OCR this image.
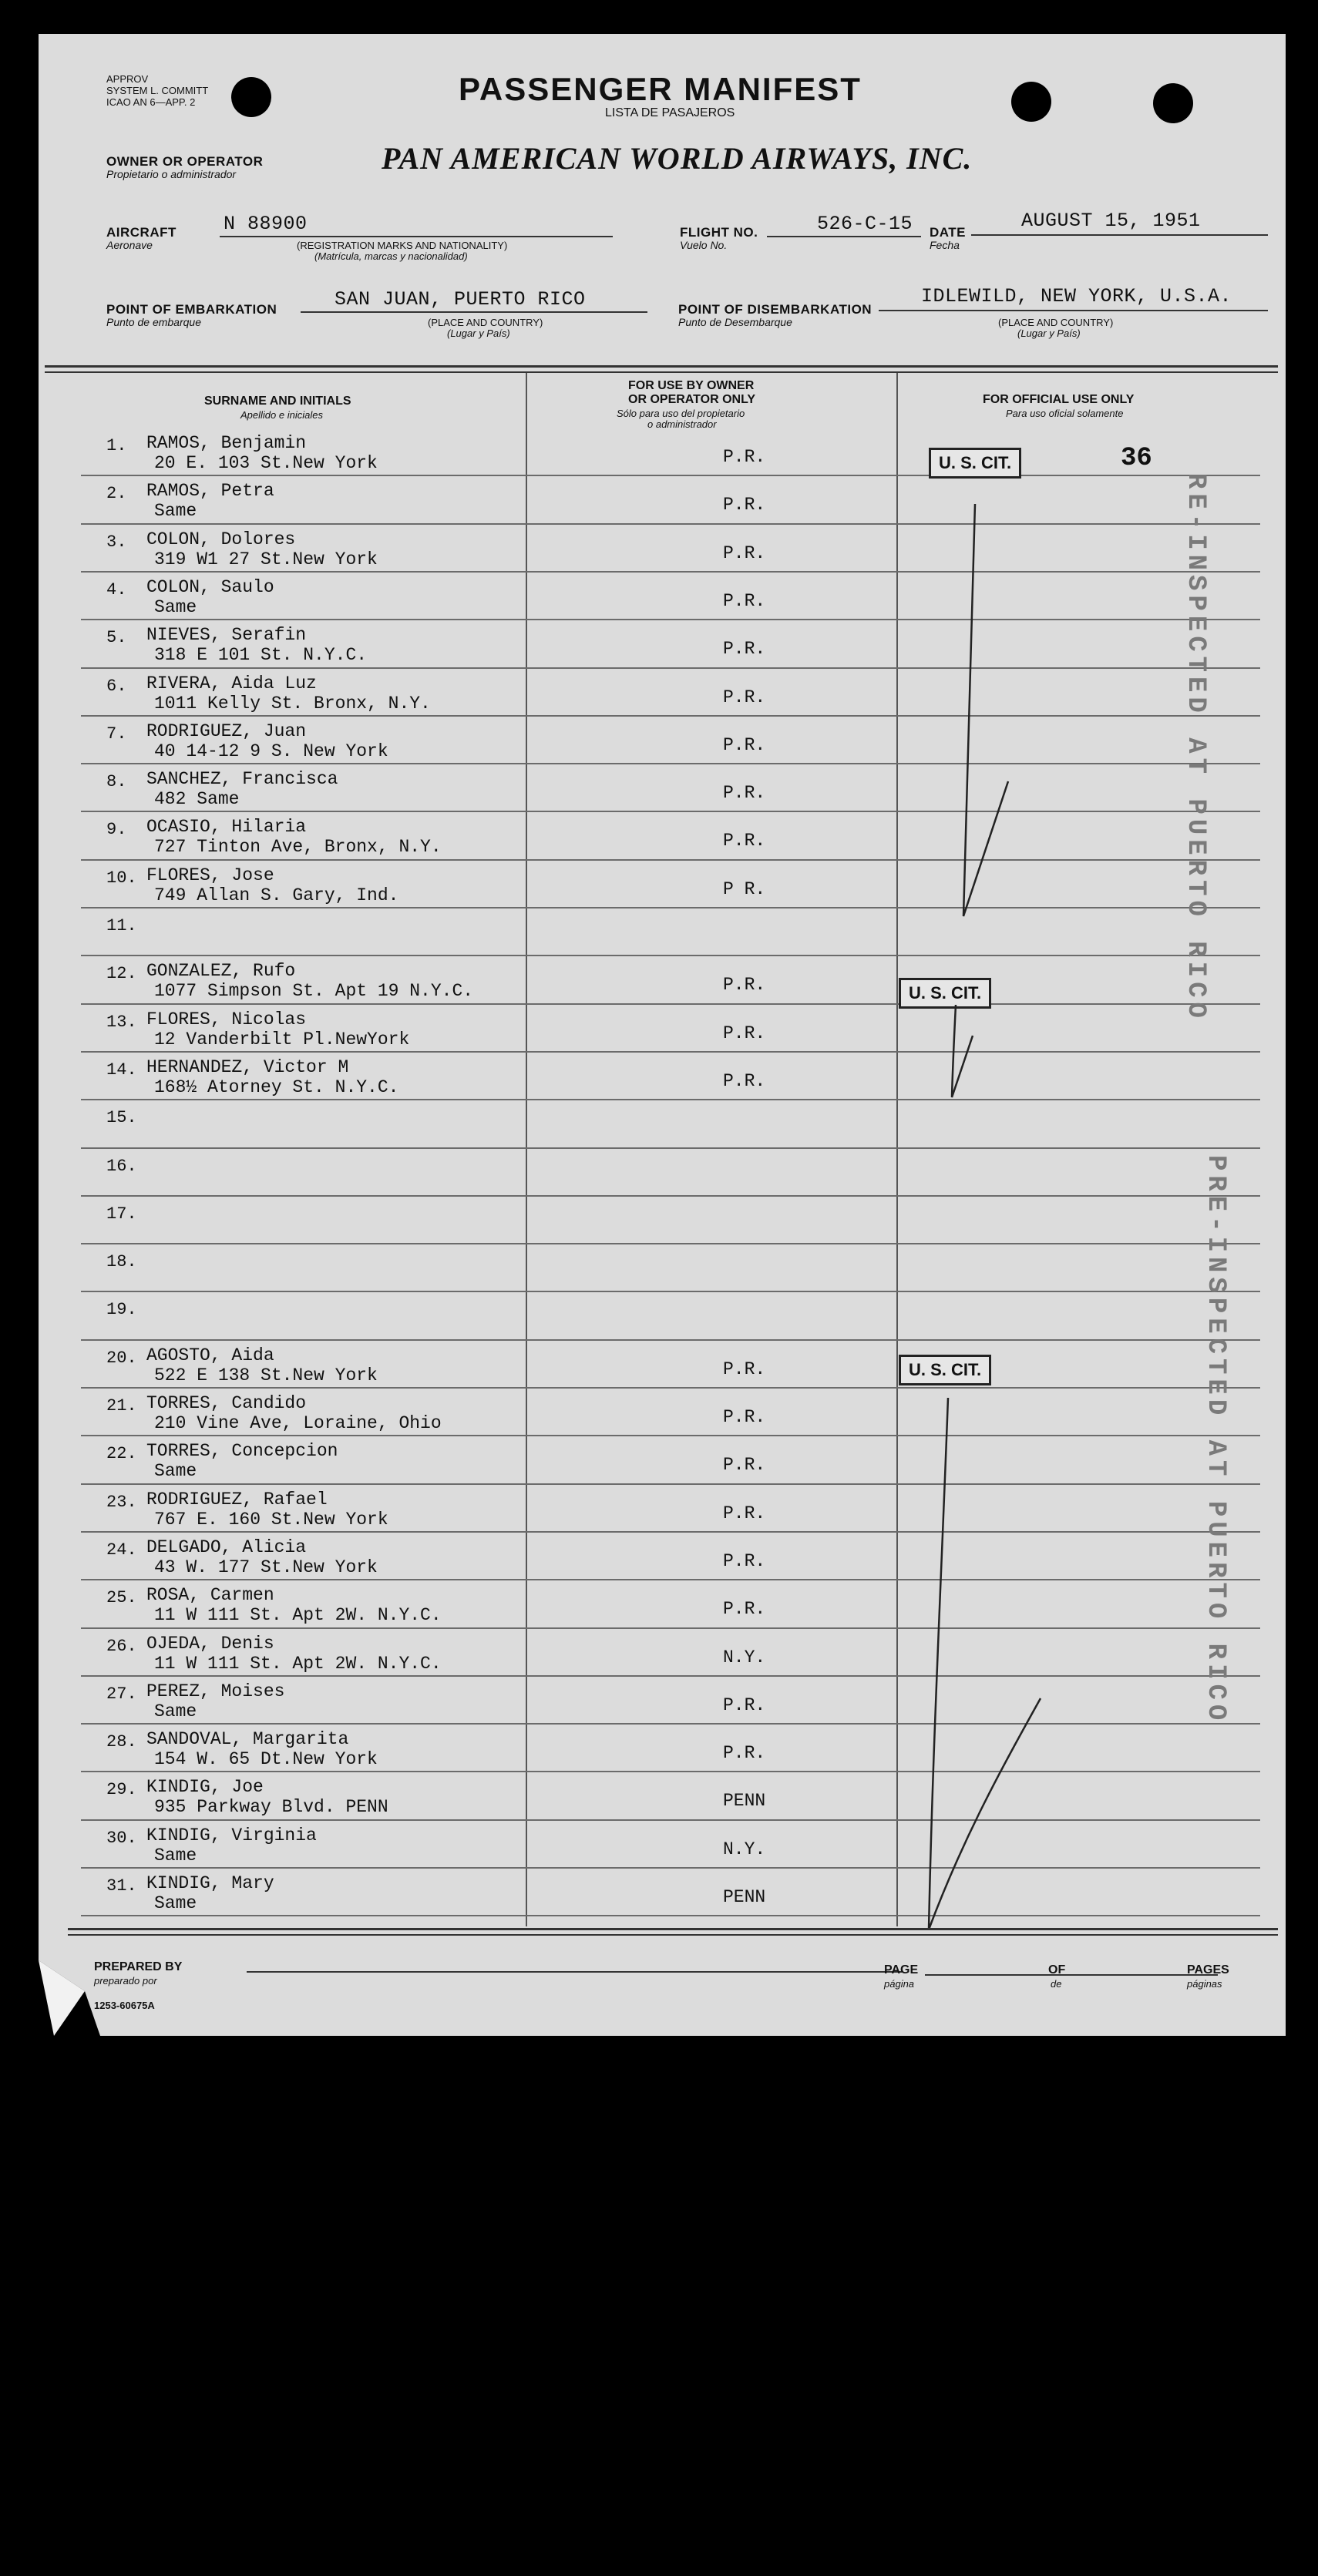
APPROV
SYSTEM L. COMMITT
ICAO AN 6—APP. 2	PASSENGER MANIFEST
LISTA DE PASAJEROS
OWNER OR OPERATOR
Propietario o administrador	PAN AMERICAN WORLD AIRWAYS, INC.
AIRCRAFT
Aeronave
N 88900
(REGISTRATION MARKS AND NATIONALITY)
(Matrícula, marcas y nacionalidad)
FLIGHT NO.
Vuelo No.
526-C-15 DATE
Fecha
AUGUST 15, 1951
POINT OF EMBARKATION
Punto de embarque
SAN JUAN, PUERTO RICO
(PLACE AND COUNTRY)
(Lugar y País)
POINT OF DISEMBARKATION
Punto de Desembarque
IDLEWILD, NEW YORK, U.S.A.
(PLACE AND COUNTRY)
(Lugar y País)
SURNAME AND INITIALS
Apellido e iniciales
FOR USE BY OWNER
OR OPERATOR ONLY
Sólo para uso del propietario
o administrador
FOR OFFICIAL USE ONLY
Para uso oficial solamente
1. RAMOS, Benjamin
20 E. 103 St.New York	P.R.
2. RAMOS, Petra
Same	P.R.
3. COLON, Dolores
319 W1 27 St.New York	P.R.
4. COLON, Saulo
Same	P.R.
5. NIEVES, Serafin
318 E 101 St. N.Y.C.	P.R.
6. RIVERA, Aida Luz
1011 Kelly St. Bronx, N.Y.	P.R.
7. RODRIGUEZ, Juan
40 14-12 9 S. New York	P.R.
8. SANCHEZ, Francisca
482 Same	P.R.
9. OCASIO, Hilaria
727 Tinton Ave, Bronx, N.Y.	P.R.
10. FLORES, Jose
749 Allan S. Gary, Ind.	P R.
11.
12. GONZALEZ, Rufo
1077 Simpson St. Apt 19 N.Y.C.	P.R.
13. FLORES, Nicolas
12 Vanderbilt Pl.NewYork	P.R.
14. HERNANDEZ, Victor M
168½ Atorney St. N.Y.C.	P.R.
15.
16.
17.
18.
19.
20. AGOSTO, Aida
522 E 138 St.New York	P.R.
21. TORRES, Candido
210 Vine Ave, Loraine, Ohio	P.R.
22. TORRES, Concepcion
Same	P.R.
23. RODRIGUEZ, Rafael
767 E. 160 St.New York	P.R.
24. DELGADO, Alicia
43 W. 177 St.New York	P.R.
25. ROSA, Carmen
11 W 111 St. Apt 2W. N.Y.C.	P.R.
26. OJEDA, Denis
11 W 111 St. Apt 2W. N.Y.C.	N.Y.
27. PEREZ, Moises
Same	P.R.
28. SANDOVAL, Margarita
154 W. 65 Dt.New York	P.R.
29. KINDIG, Joe
935 Parkway Blvd. PENN	PENN
30. KINDIG, Virginia
Same	N.Y.
31. KINDIG, Mary
Same	PENN
U. S. CIT.	36
U. S. CIT.
U. S. CIT.
RE-INSPECTED AT PUERTO RICO
PRE-INSPECTED AT PUERTO RICO
PREPARED BY
preparado por
1253-60675A
PAGE
página
OF
de
PAGES
páginas
